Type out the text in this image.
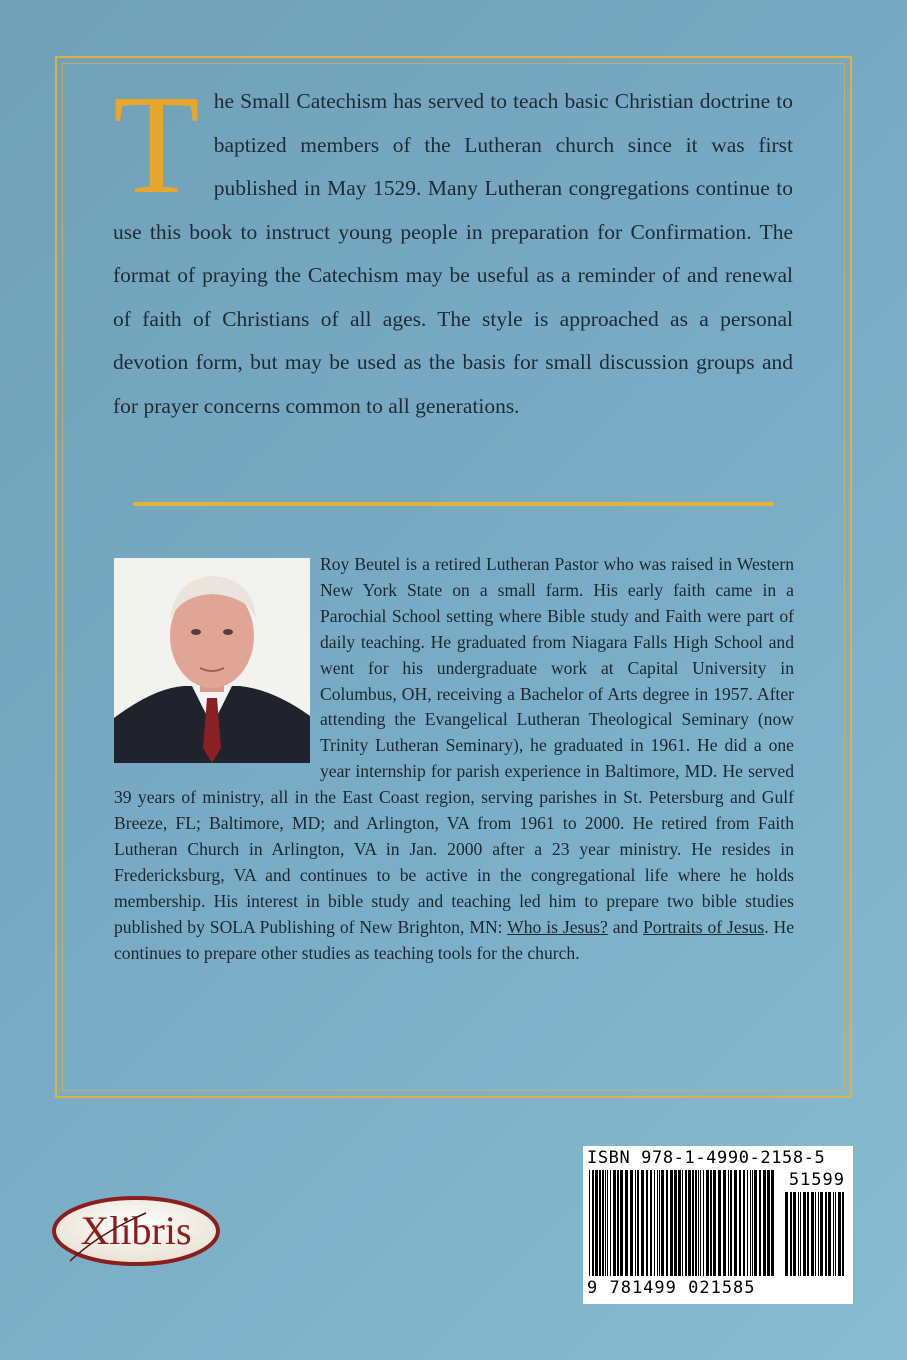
T he Small Catechism has served to teach basic Christian doctrine to baptized members of the Lutheran church since it was first published in May 1529. Many Lutheran congregations continue to use this book to instruct young people in preparation for Confirmation. The format of praying the Catechism may be useful as a reminder of and renewal of faith of Christians of all ages. The style is approached as a personal devotion form, but may be used as the basis for small discussion groups and for prayer concerns common to all generations.
Roy Beutel is a retired Lutheran Pastor who was raised in Western New York State on a small farm. His early faith came in a Parochial School setting where Bible study and Faith were part of daily teaching. He graduated from Niagara Falls High School and went for his undergraduate work at Capital University in Columbus, OH, receiving a Bachelor of Arts degree in 1957. After attending the Evangelical Lutheran Theological Seminary (now Trinity Lutheran Seminary), he graduated in 1961. He did a one year internship for parish experience in Baltimore, MD. He served 39 years of ministry, all in the East Coast region, serving parishes in St. Petersburg and Gulf Breeze, FL; Baltimore, MD; and Arlington, VA from 1961 to 2000. He retired from Faith Lutheran Church in Arlington, VA in Jan. 2000 after a 23 year ministry. He resides in Fredericksburg, VA and continues to be active in the congregational life where he holds membership. His interest in bible study and teaching led him to prepare two bible studies published by SOLA Publishing of New Brighton, MN: Who is Jesus? and Portraits of Jesus. He continues to prepare other studies as teaching tools for the church.
Xlibris
ISBN 978-1-4990-2158-5
51599
9 781499 021585
